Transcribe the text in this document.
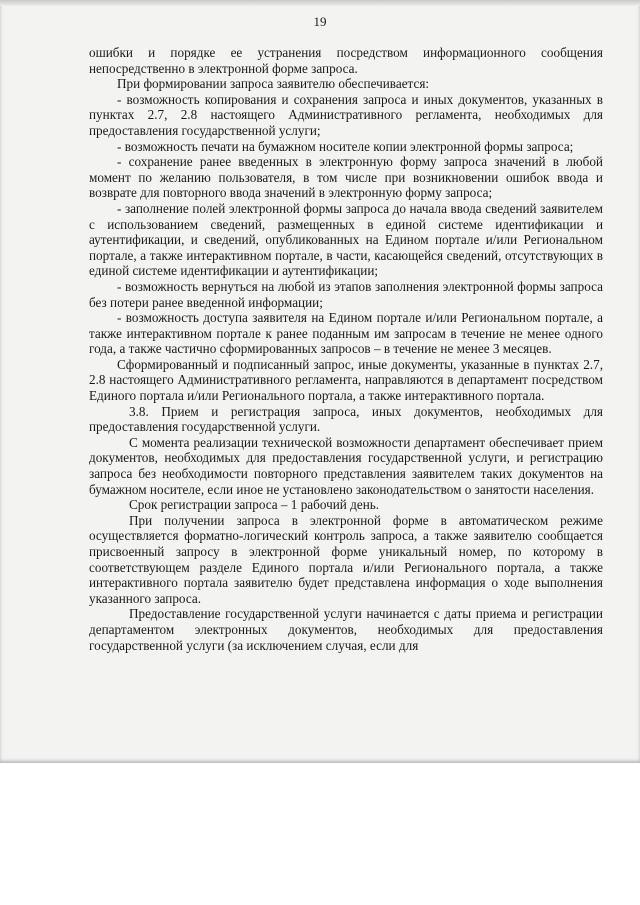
19

ошибки и порядке ее устранения посредством информационного сообщения непосредственно в электронной форме запроса.

При формировании запроса заявителю обеспечивается:

- возможность копирования и сохранения запроса и иных документов, указанных в пунктах 2.7, 2.8 настоящего Административного регламента, необходимых для предоставления государственной услуги;

- возможность печати на бумажном носителе копии электронной формы запроса;

- сохранение ранее введенных в электронную форму запроса значений в любой момент по желанию пользователя, в том числе при возникновении ошибок ввода и возврате для повторного ввода значений в электронную форму запроса;

- заполнение полей электронной формы запроса до начала ввода сведений заявителем с использованием сведений, размещенных в единой системе идентификации и аутентификации, и сведений, опубликованных на Едином портале и/или Региональном портале, а также интерактивном портале, в части, касающейся сведений, отсутствующих в единой системе идентификации и аутентификации;

- возможность вернуться на любой из этапов заполнения электронной формы запроса без потери ранее введенной информации;

- возможность доступа заявителя на Едином портале и/или Региональном портале, а также интерактивном портале к ранее поданным им запросам в течение не менее одного года, а также частично сформированных запросов – в течение не менее 3 месяцев.

Сформированный и подписанный запрос, иные документы, указанные в пунктах 2.7, 2.8 настоящего Административного регламента, направляются в департамент посредством Единого портала и/или Регионального портала, а также интерактивного портала.

3.8. Прием и регистрация запроса, иных документов, необходимых для предоставления государственной услуги.

С момента реализации технической возможности департамент обеспечивает прием документов, необходимых для предоставления государственной услуги, и регистрацию запроса без необходимости повторного представления заявителем таких документов на бумажном носителе, если иное не установлено законодательством о занятости населения.

Срок регистрации запроса – 1 рабочий день.

При получении запроса в электронной форме в автоматическом режиме осуществляется форматно-логический контроль запроса, а также заявителю сообщается присвоенный запросу в электронной форме уникальный номер, по которому в соответствующем разделе Единого портала и/или Регионального портала, а также интерактивного портала заявителю будет представлена информация о ходе выполнения указанного запроса.

Предоставление государственной услуги начинается с даты приема и регистрации департаментом электронных документов, необходимых для предоставления государственной услуги (за исключением случая, если для
